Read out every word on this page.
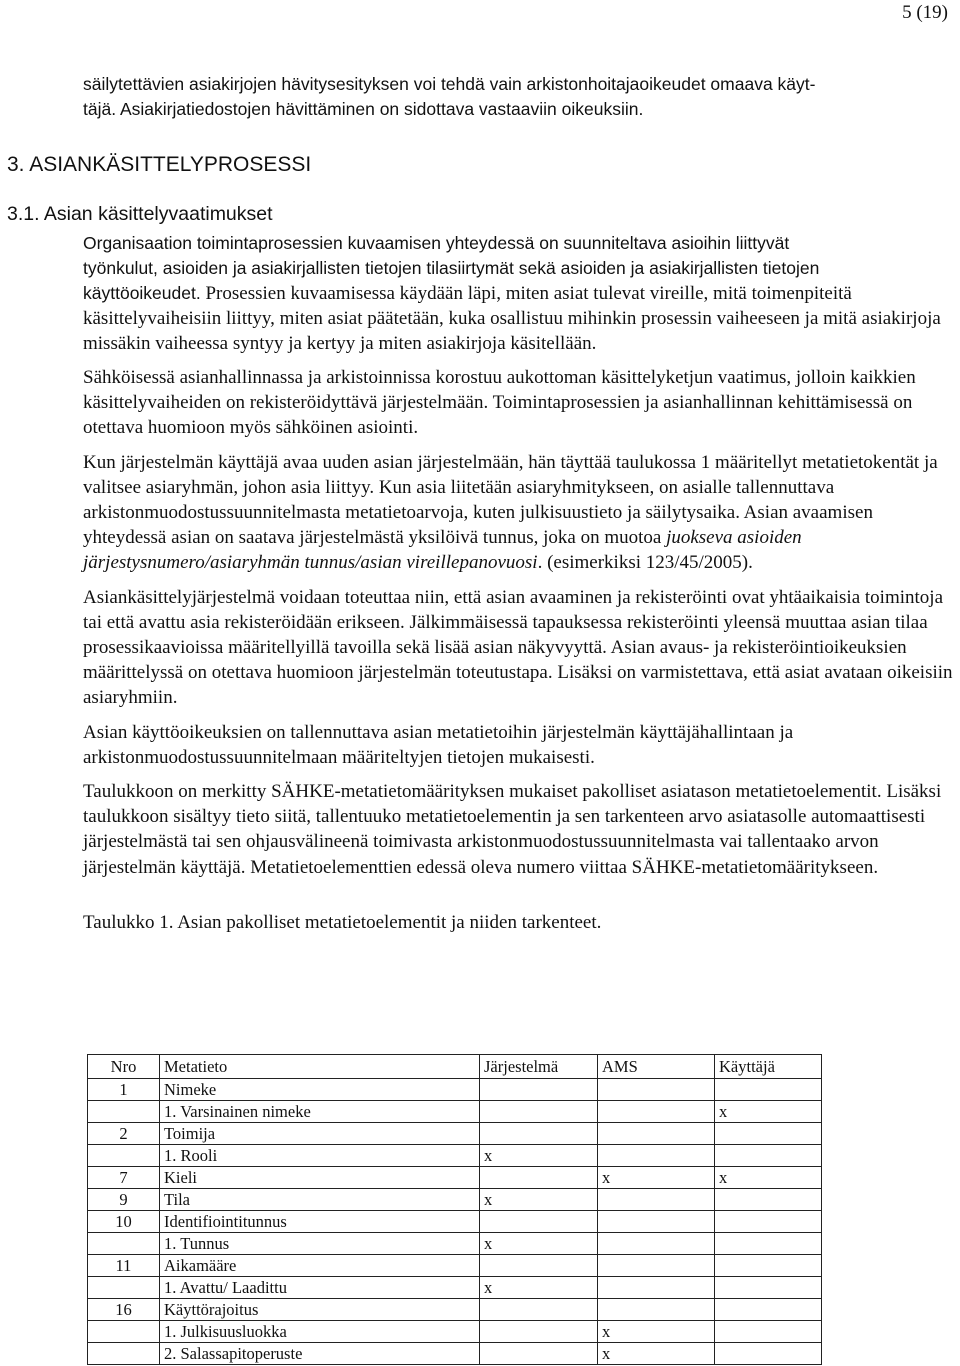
5 (19)

säilytettävien asiakirjojen hävitysesityksen voi tehdä vain arkistonhoitajaoikeudet omaava käyt-
täjä. Asiakirjatiedostojen hävittäminen on sidottava vastaaviin oikeuksiin.

3. ASIANKÄSITTELYPROSESSI
3.1. Asian käsittelyvaatimukset

Organisaation toimintaprosessien kuvaamisen yhteydessä on suunniteltava asioihin liittyvät
työnkulut, asioiden ja asiakirjallisten tietojen tilasiirtymät sekä asioiden ja asiakirjallisten tietojen
käyttöoikeudet. Prosessien kuvaamisessa käydään läpi, miten asiat tulevat vireille, mitä toimenpiteitä käsittelyvaiheisiin liittyy, miten asiat päätetään, kuka osallistuu mihinkin prosessin vaiheeseen ja mitä asiakirjoja missäkin vaiheessa syntyy ja kertyy ja miten asiakirjoja käsitellään.

Sähköisessä asianhallinnassa ja arkistoinnissa korostuu aukottoman käsittelyketjun vaatimus, jolloin kaikkien käsittelyvaiheiden on rekisteröidyttävä järjestelmään. Toimintaprosessien ja asianhallinnan kehittämisessä on otettava huomioon myös sähköinen asiointi.

Kun järjestelmän käyttäjä avaa uuden asian järjestelmään, hän täyttää taulukossa 1 määritellyt metatietokentät ja valitsee asiaryhmän, johon asia liittyy. Kun asia liitetään asiaryhmitykseen, on asialle tallennuttava arkistonmuodostussuunnitelmasta metatietoarvoja, kuten julkisuustieto ja säilytysaika. Asian avaamisen yhteydessä asian on saatava järjestelmästä yksilöivä tunnus, joka on muotoa juokseva asioiden järjestysnumero/asiaryhmän tunnus/asian vireillepanovuosi. (esimerkiksi 123/45/2005).

Asiankäsittelyjärjestelmä voidaan toteuttaa niin, että asian avaaminen ja rekisteröinti ovat yhtäaikaisia toimintoja tai että avattu asia rekisteröidään erikseen. Jälkimmäisessä tapauksessa rekisteröinti yleensä muuttaa asian tilaa prosessikaavioissa määritellyillä tavoilla sekä lisää asian näkyvyyttä. Asian avaus- ja rekisteröintioikeuksien määrittelyssä on otettava huomioon järjestelmän toteutustapa. Lisäksi on varmistettava, että asiat avataan oikeisiin asiaryhmiin.

Asian käyttöoikeuksien on tallennuttava asian metatietoihin järjestelmän käyttäjähallintaan ja arkistonmuodostussuunnitelmaan määriteltyjen tietojen mukaisesti.

Taulukkoon on merkitty SÄHKE-metatietomäärityksen mukaiset pakolliset asiatason metatietoelementit. Lisäksi taulukkoon sisältyy tieto siitä, tallentuuko metatietoelementin ja sen tarkenteen arvo asiatasolle automaattisesti järjestelmästä tai sen ohjausvälineenä toimivasta arkistonmuodostussuunnitelmasta vai tallentaako arvon järjestelmän käyttäjä. Metatietoelementtien edessä oleva numero viittaa SÄHKE-metatietomääritykseen.

Taulukko 1. Asian pakolliset metatietoelementit ja niiden tarkenteet.
Nro	Metatieto	Järjestelmä	AMS	Käyttäjä
1	Nimeke			
	1. Varsinainen nimeke			x
2	Toimija			
	1. Rooli	x		
7	Kieli		x	x
9	Tila	x		
10	Identifiointitunnus			
	1. Tunnus	x		
11	Aikamääre			
	1. Avattu/ Laadittu	x		
16	Käyttörajoitus			
	1. Julkisuusluokka		x	
	2. Salassapitoperuste		x	
